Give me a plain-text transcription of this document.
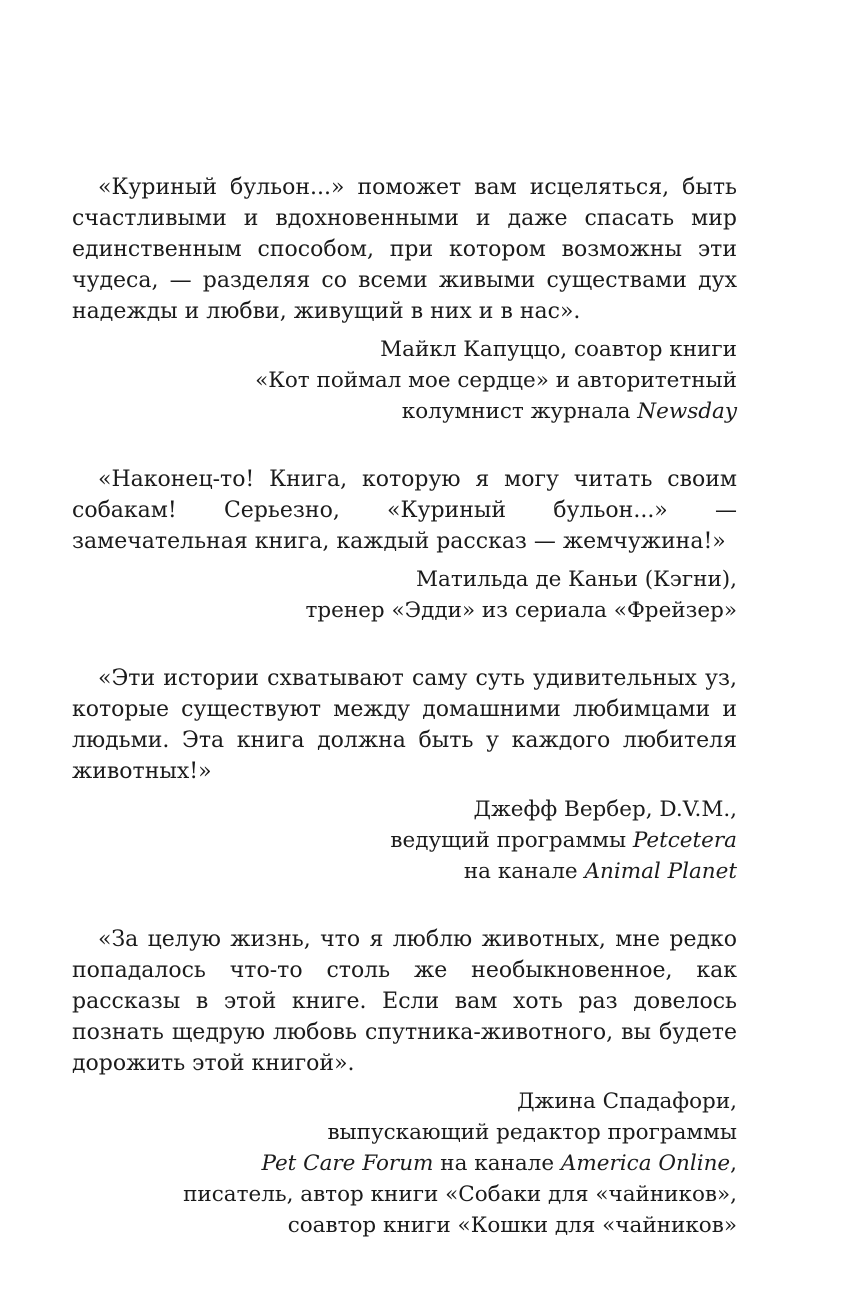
«Куриный бульон...» поможет вам исцеляться, быть счастливыми и вдохновенными и даже спасать мир единственным способом, при котором возможны эти чудеса, — разделяя со всеми живыми существами дух надежды и любви, живущий в них и в нас».

Майкл Капуццо, соавтор книги
«Кот поймал мое сердце» и авторитетный
колумнист журнала Newsday

«Наконец-то! Книга, которую я могу читать своим собакам! Серьезно, «Куриный бульон...» — замечательная книга, каждый рассказ — жемчужина!»

Матильда де Каньи (Кэгни),
тренер «Эдди» из сериала «Фрейзер»

«Эти истории схватывают саму суть удивительных уз, которые существуют между домашними любимцами и людьми. Эта книга должна быть у каждого любителя животных!»

Джефф Вербер, D.V.M.,
ведущий программы Petcetera
на канале Animal Planet

«За целую жизнь, что я люблю животных, мне редко попадалось что-то столь же необыкновенное, как рассказы в этой книге. Если вам хоть раз довелось познать щедрую любовь спутника-животного, вы будете дорожить этой книгой».

Джина Спадафори,
выпускающий редактор программы
Pet Care Forum на канале America Online,
писатель, автор книги «Собаки для «чайников»,
соавтор книги «Кошки для «чайников»
